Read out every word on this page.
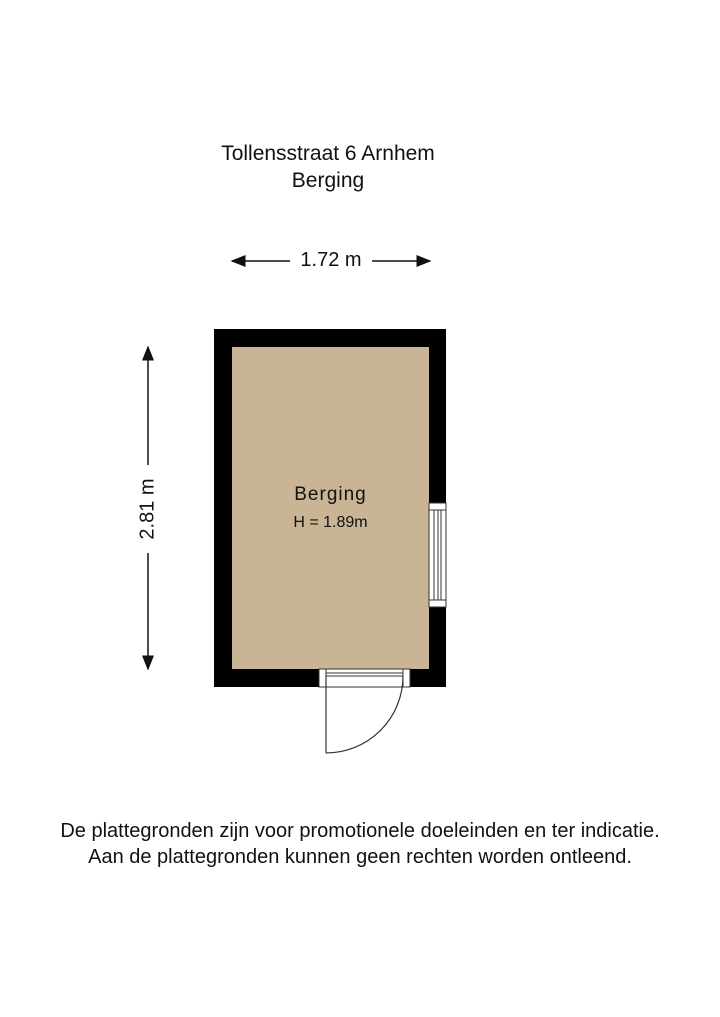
Tollensstraat 6 Arnhem
Berging
1.72 m
2.81 m	Berging
H = 1.89m
De plattegronden zijn voor promotionele doeleinden en ter indicatie.
Aan de plattegronden kunnen geen rechten worden ontleend.
